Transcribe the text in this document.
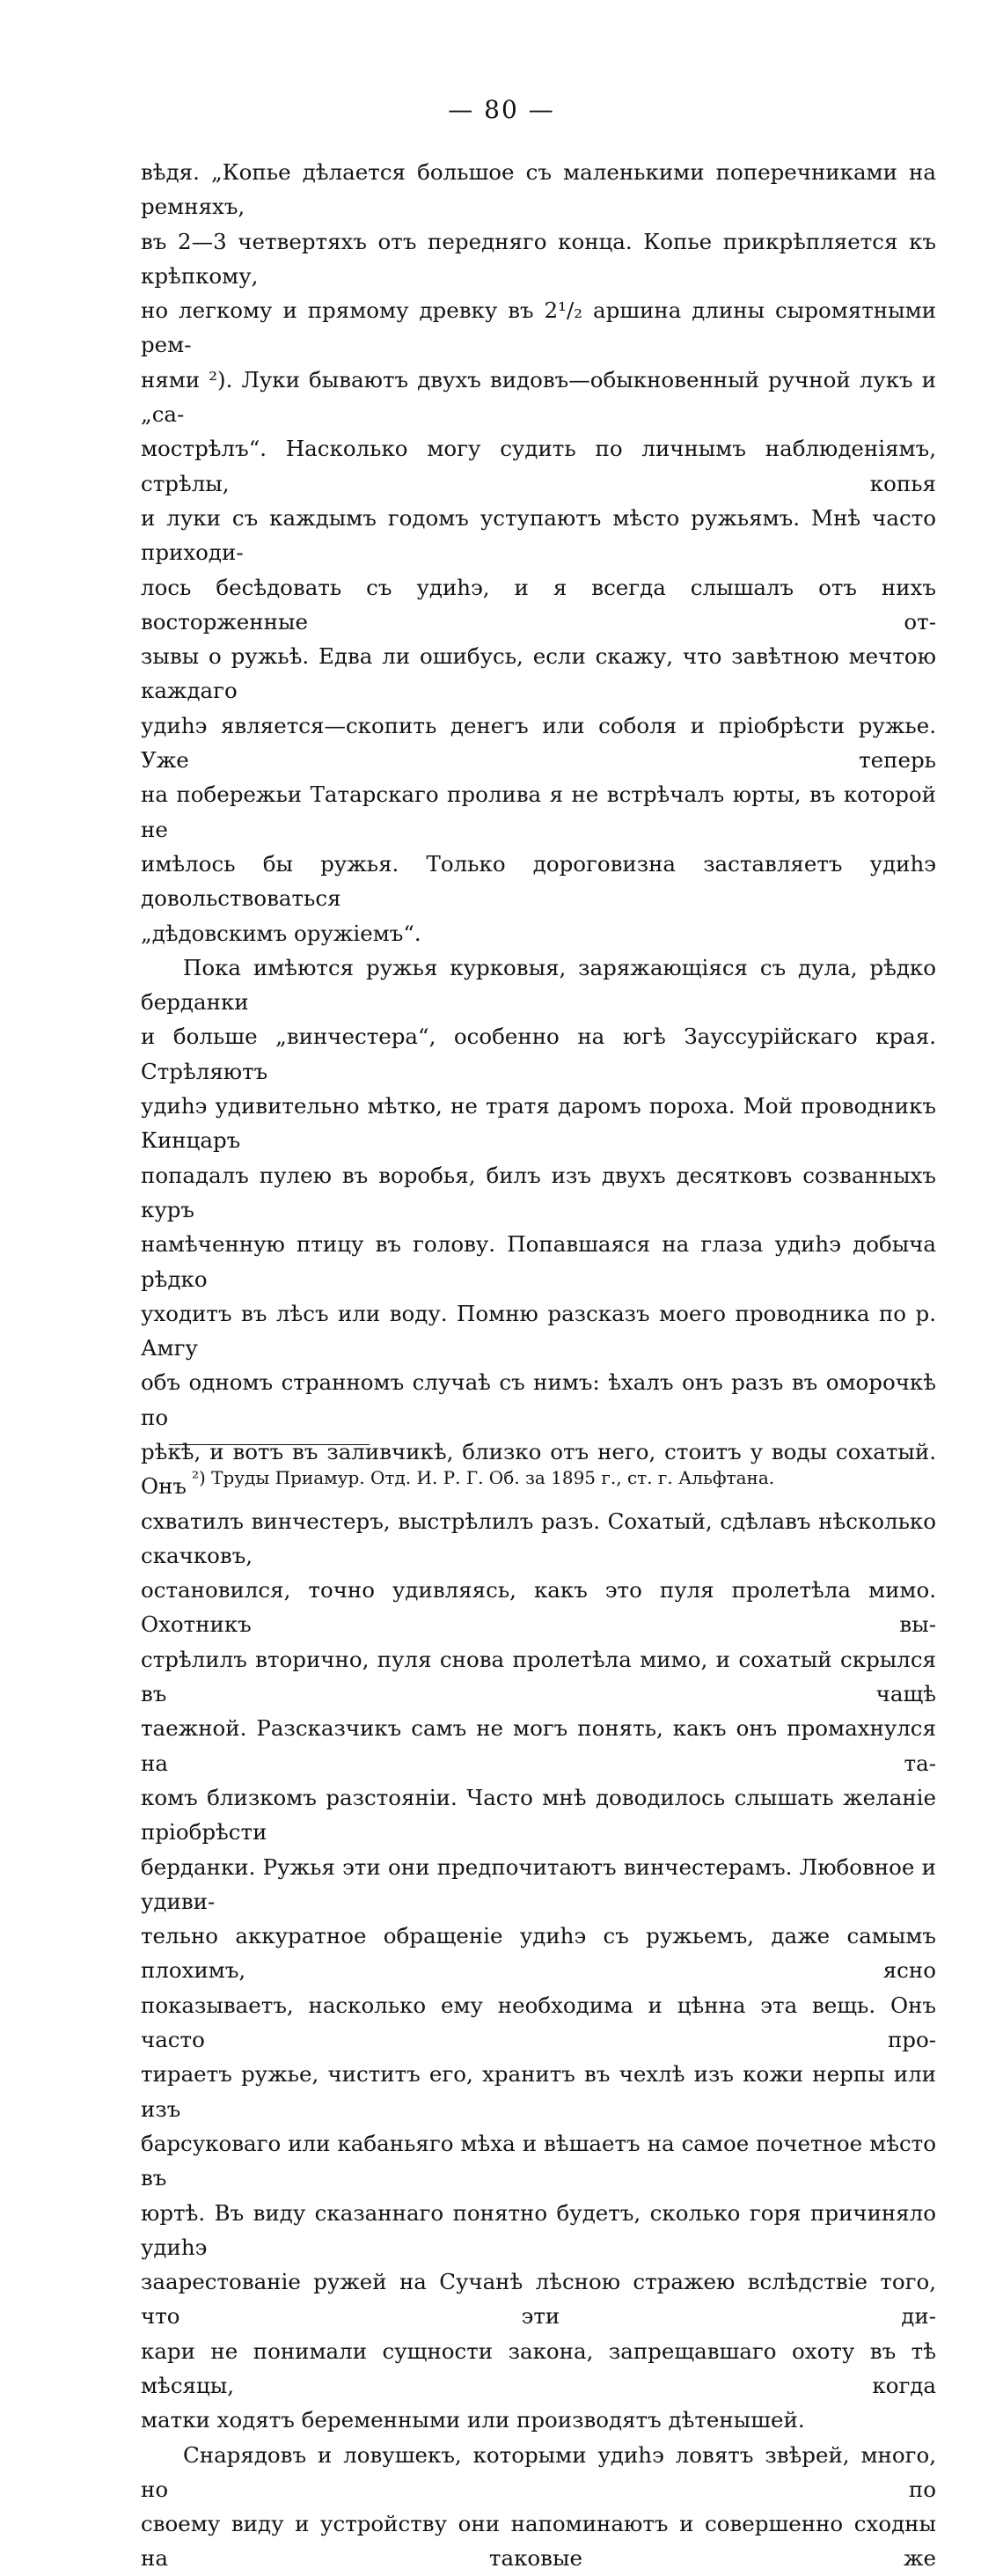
— 80 —

вѣдя. „Копье дѣлается большое съ маленькими поперечниками на ремняхъ,

въ 2—3 четвертяхъ отъ передняго конца. Копье прикрѣпляется къ крѣпкому,

но легкому и прямому древку въ 2¹/₂ аршина длины сыромятными рем-

нями ²). Луки бываютъ двухъ видовъ—обыкновенный ручной лукъ и „са-

мострѣлъ“. Насколько могу судить по личнымъ наблюденіямъ, стрѣлы, копья

и луки съ каждымъ годомъ уступаютъ мѣсто ружьямъ. Мнѣ часто приходи-

лось бесѣдовать съ удиһэ, и я всегда слышалъ отъ нихъ восторженные от-

зывы о ружьѣ. Едва ли ошибусь, если скажу, что завѣтною мечтою каждаго

удиһэ является—скопить денегъ или соболя и пріобрѣсти ружье. Уже теперь

на побережьи Татарскаго пролива я не встрѣчалъ юрты, въ которой не

имѣлось бы ружья. Только дороговизна заставляетъ удиһэ довольствоваться

„дѣдовскимъ оружіемъ“.

Пока имѣются ружья курковыя, заряжающіяся съ дула, рѣдко берданки

и больше „винчестера“, особенно на югѣ Зауссурійскаго края. Стрѣляютъ

удиһэ удивительно мѣтко, не тратя даромъ пороха. Мой проводникъ Кинцаръ

попадалъ пулею въ воробья, билъ изъ двухъ десятковъ созванныхъ куръ

намѣченную птицу въ голову. Попавшаяся на глаза удиһэ добыча рѣдко

уходитъ въ лѣсъ или воду. Помню разсказъ моего проводника по р. Амгу

объ одномъ странномъ случаѣ съ нимъ: ѣхалъ онъ разъ въ оморочкѣ по

рѣкѣ, и вотъ въ заливчикѣ, близко отъ него, стоитъ у воды сохатый. Онъ

схватилъ винчестеръ, выстрѣлилъ разъ. Сохатый, сдѣлавъ нѣсколько скачковъ,

остановился, точно удивляясь, какъ это пуля пролетѣла мимо. Охотникъ вы-

стрѣлилъ вторично, пуля снова пролетѣла мимо, и сохатый скрылся въ чащѣ

таежной. Разсказчикъ самъ не могъ понять, какъ онъ промахнулся на та-

комъ близкомъ разстояніи. Часто мнѣ доводилось слышать желаніе пріобрѣсти

берданки. Ружья эти они предпочитаютъ винчестерамъ. Любовное и удиви-

тельно аккуратное обращеніе удиһэ съ ружьемъ, даже самымъ плохимъ, ясно

показываетъ, насколько ему необходима и цѣнна эта вещь. Онъ часто про-

тираетъ ружье, чиститъ его, хранитъ въ чехлѣ изъ кожи нерпы или изъ

барсуковаго или кабаньяго мѣха и вѣшаетъ на самое почетное мѣсто въ

юртѣ. Въ виду сказаннаго понятно будетъ, сколько горя причиняло удиһэ

заарестованіе ружей на Сучанѣ лѣсною стражею вслѣдствіе того, что эти ди-

кари не понимали сущности закона, запрещавшаго охоту въ тѣ мѣсяцы, когда

матки ходятъ беременными или производятъ дѣтенышей.

Снарядовъ и ловушекъ, которыми удиһэ ловятъ звѣрей, много, но по

своему виду и устройству они напоминаютъ и совершенно сходны на таковые же

²) Труды Приамур. Отд. И. Р. Г. Об. за 1895 г., ст. г. Альфтана.
